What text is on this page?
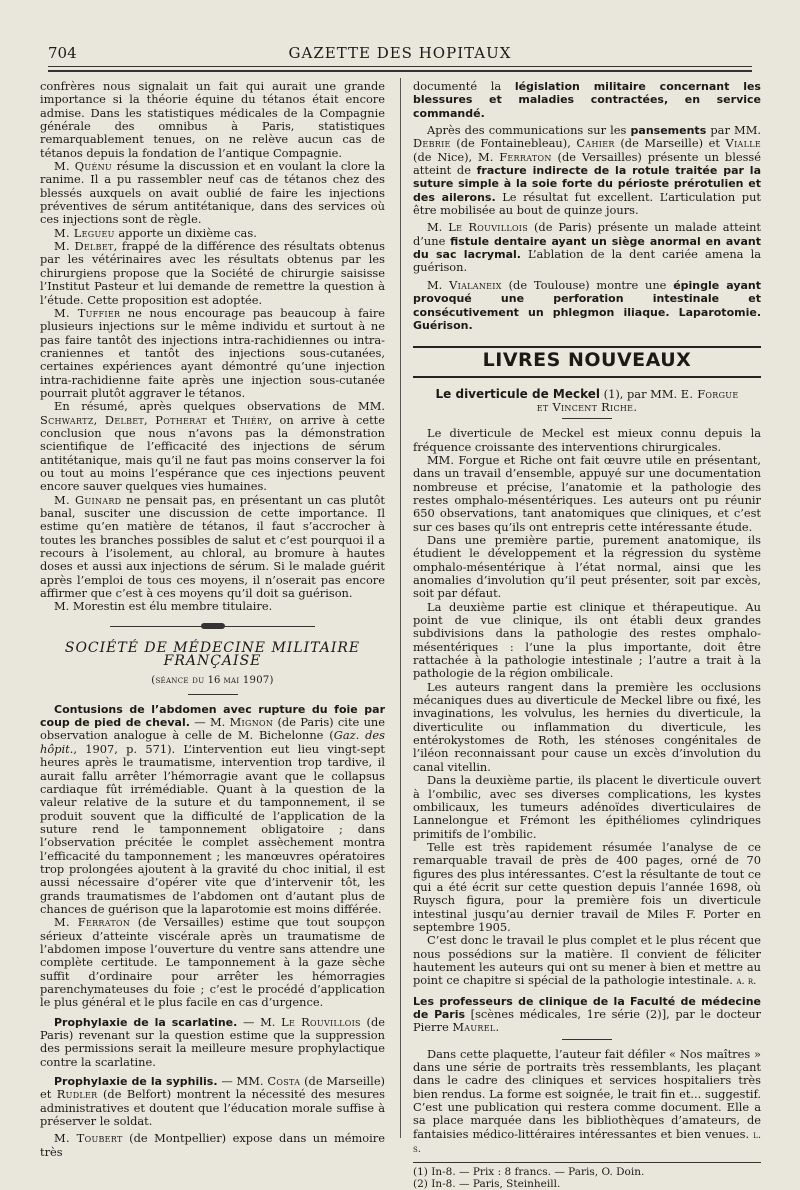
704	GAZETTE DES HOPITAUX

confrères nous signalait un fait qui aurait une grande importance si la théorie équine du tétanos était encore admise. Dans les statistiques médicales de la Compagnie générale des omnibus à Paris, statistiques remarquablement tenues, on ne relève aucun cas de tétanos depuis la fondation de l’antique Compagnie.

M. Quénu résume la discussion et en voulant la clore la ranime. Il a pu rassembler neuf cas de tétanos chez des blessés auxquels on avait oublié de faire les injections préventives de sérum antitétanique, dans des services où ces injections sont de règle.

M. Legueu apporte un dixième cas.

M. Delbet, frappé de la différence des résultats obtenus par les vétérinaires avec les résultats obtenus par les chirurgiens propose que la Société de chirurgie saisisse l’Institut Pasteur et lui demande de remettre la question à l’étude. Cette proposition est adoptée.

M. Tuffier ne nous encourage pas beaucoup à faire plusieurs injections sur le même individu et surtout à ne pas faire tantôt des injections intra-rachidiennes ou intra-craniennes et tantôt des injections sous-cutanées, certaines expériences ayant démontré qu’une injection intra-rachidienne faite après une injection sous-cutanée pourrait plutôt aggraver le tétanos.

En résumé, après quelques observations de MM. Schwartz, Delbet, Potherat et Thiéry, on arrive à cette conclusion que nous n’avons pas la démonstration scientifique de l’efficacité des injections de sérum antitétanique, mais qu’il ne faut pas moins conserver la foi ou tout au moins l’espérance que ces injections peuvent encore sauver quelques vies humaines.

M. Guinard ne pensait pas, en présentant un cas plutôt banal, susciter une discussion de cette importance. Il estime qu’en matière de tétanos, il faut s’accrocher à toutes les branches possibles de salut et c’est pourquoi il a recours à l’isolement, au chloral, au bromure à hautes doses et aussi aux injections de sérum. Si le malade guérit après l’emploi de tous ces moyens, il n’oserait pas encore affirmer que c’est à ces moyens qu’il doit sa guérison.

M. Morestin est élu membre titulaire.

SOCIÉTÉ DE MÉDECINE MILITAIRE FRANÇAISE
(séance du 16 mai 1907)

Contusions de l’abdomen avec rupture du foie par coup de pied de cheval. — M. Mignon (de Paris) cite une observation analogue à celle de M. Bichelonne (Gaz. des hôpit., 1907, p. 571). L’intervention eut lieu vingt-sept heures après le traumatisme, intervention trop tardive, il aurait fallu arrêter l’hémorragie avant que le collapsus cardiaque fût irrémédiable. Quant à la question de la valeur relative de la suture et du tamponnement, il se produit souvent que la difficulté de l’application de la suture rend le tamponnement obligatoire ; dans l’observation précitée le complet assèchement montra l’efficacité du tamponnement ; les manœuvres opératoires trop prolongées ajoutent à la gravité du choc initial, il est aussi nécessaire d’opérer vite que d’intervenir tôt, les grands traumatismes de l’abdomen ont d’autant plus de chances de guérison que la laparotomie est moins différée.

M. Ferraton (de Versailles) estime que tout soupçon sérieux d’atteinte viscérale après un traumatisme de l’abdomen impose l’ouverture du ventre sans attendre une complète certitude. Le tamponnement à la gaze sèche suffit d’ordinaire pour arrêter les hémorragies parenchymateuses du foie ; c’est le procédé d’application le plus général et le plus facile en cas d’urgence.

Prophylaxie de la scarlatine. — M. Le Rouvillois (de Paris) revenant sur la question estime que la suppression des permissions serait la meilleure mesure prophylactique contre la scarlatine.

Prophylaxie de la syphilis. — MM. Costa (de Marseille) et Rudler (de Belfort) montrent la nécessité des mesures administratives et doutent que l’éducation morale suffise à préserver le soldat.

M. Toubert (de Montpellier) expose dans un mémoire très

documenté la législation militaire concernant les blessures et maladies contractées, en service commandé.

Après des communications sur les pansements par MM. Debrie (de Fontainebleau), Cahier (de Marseille) et Vialle (de Nice), M. Ferraton (de Versailles) présente un blessé atteint de fracture indirecte de la rotule traitée par la suture simple à la soie forte du périoste prérotulien et des ailerons. Le résultat fut excellent. L’articulation put être mobilisée au bout de quinze jours.

M. Le Rouvillois (de Paris) présente un malade atteint d’une fistule dentaire ayant un siège anormal en avant du sac lacrymal. L’ablation de la dent cariée amena la guérison.

M. Vialaneix (de Toulouse) montre une épingle ayant provoqué une perforation intestinale et consécutivement un phlegmon iliaque. Laparotomie. Guérison.

LIVRES NOUVEAUX
Le diverticule de Meckel (1), par MM. E. Forgue
et Vincent Riche.

Le diverticule de Meckel est mieux connu depuis la fréquence croissante des interventions chirurgicales.

MM. Forgue et Riche ont fait œuvre utile en présentant, dans un travail d’ensemble, appuyé sur une documentation nombreuse et précise, l’anatomie et la pathologie des restes omphalo-mésentériques. Les auteurs ont pu réunir 650 observations, tant anatomiques que cliniques, et c’est sur ces bases qu’ils ont entrepris cette intéressante étude.

Dans une première partie, purement anatomique, ils étudient le développement et la régression du système omphalo-mésentérique à l’état normal, ainsi que les anomalies d’involution qu’il peut présenter, soit par excès, soit par défaut.

La deuxième partie est clinique et thérapeutique. Au point de vue clinique, ils ont établi deux grandes subdivisions dans la pathologie des restes omphalo-mésentériques : l’une la plus importante, doit être rattachée à la pathologie intestinale ; l’autre a trait à la pathologie de la région ombilicale.

Les auteurs rangent dans la première les occlusions mécaniques dues au diverticule de Meckel libre ou fixé, les invaginations, les volvulus, les hernies du diverticule, la diverticulite ou inflammation du diverticule, les entérokystomes de Roth, les sténoses congénitales de l’iléon reconnaissant pour cause un excès d’involution du canal vitellin.

Dans la deuxième partie, ils placent le diverticule ouvert à l’ombilic, avec ses diverses complications, les kystes ombilicaux, les tumeurs adénoïdes diverticulaires de Lannelongue et Frémont les épithéliomes cylindriques primitifs de l’ombilic.

Telle est très rapidement résumée l’analyse de ce remarquable travail de près de 400 pages, orné de 70 figures des plus intéressantes. C’est la résultante de tout ce qui a été écrit sur cette question depuis l’année 1698, où Ruysch figura, pour la première fois un diverticule intestinal jusqu’au dernier travail de Miles F. Porter en septembre 1905.

C’est donc le travail le plus complet et le plus récent que nous possédions sur la matière. Il convient de féliciter hautement les auteurs qui ont su mener à bien et mettre au point ce chapitre si spécial de la pathologie intestinale. a. r.

Les professeurs de clinique de la Faculté de médecine de Paris [scènes médicales, 1re série (2)], par le docteur Pierre Maurel.

Dans cette plaquette, l’auteur fait défiler « Nos maîtres » dans une série de portraits très ressemblants, les plaçant dans le cadre des cliniques et services hospitaliers très bien rendus. La forme est soignée, le trait fin et... suggestif. C’est une publication qui restera comme document. Elle a sa place marquée dans les bibliothèques d’amateurs, de fantaisies médico-littéraires intéressantes et bien venues. l. s.

(1) In-8. — Prix : 8 francs. — Paris, O. Doin.

(2) In-8. — Paris, Steinheill.
